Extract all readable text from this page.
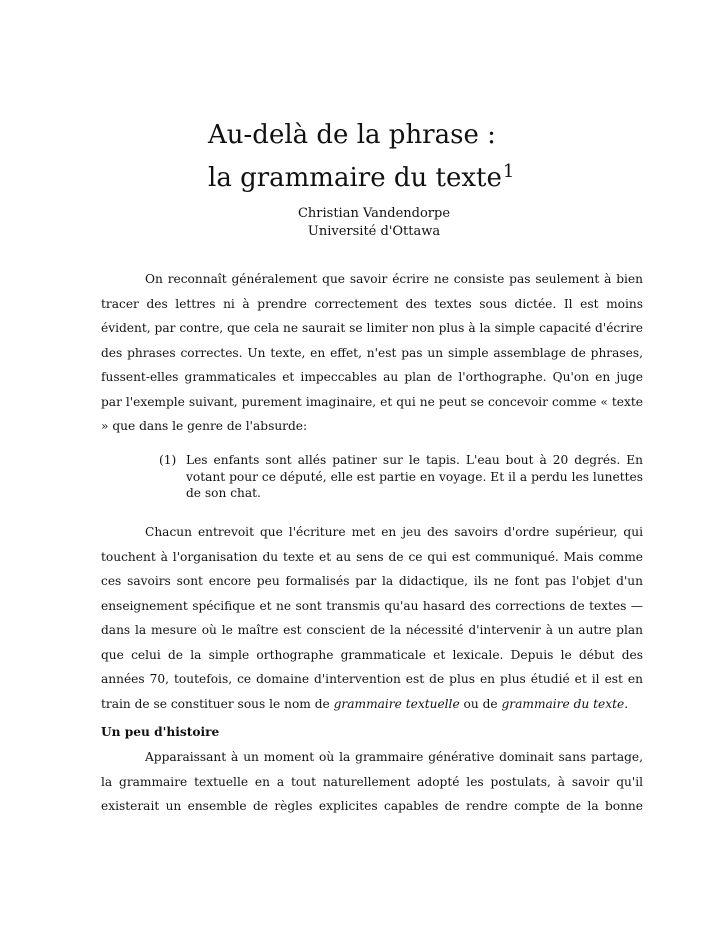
Au-delà de la phrase :
la grammaire du texte$^1$
Christian Vandendorpe
Université d'Ottawa

On reconnaît généralement que savoir écrire ne consiste pas seulement à bien tracer des lettres ni à prendre correctement des textes sous dictée. Il est moins évident, par contre, que cela ne saurait se limiter non plus à la simple capacité d'écrire des phrases correctes. Un texte, en effet, n'est pas un simple assemblage de phrases, fussent-elles grammaticales et impeccables au plan de l'orthographe. Qu'on en juge par l'exemple suivant, purement imaginaire, et qui ne peut se concevoir comme « texte » que dans le genre de l'absurde:

(1) Les enfants sont allés patiner sur le tapis. L'eau bout à 20 degrés. En votant pour ce député, elle est partie en voyage. Et il a perdu les lunettes de son chat.

Chacun entrevoit que l'écriture met en jeu des savoirs d'ordre supérieur, qui touchent à l'organisation du texte et au sens de ce qui est communiqué. Mais comme ces savoirs sont encore peu formalisés par la didactique, ils ne font pas l'objet d'un enseignement spécifique et ne sont transmis qu'au hasard des corrections de textes — dans la mesure où le maître est conscient de la nécessité d'intervenir à un autre plan que celui de la simple orthographe grammaticale et lexicale. Depuis le début des années 70, toutefois, ce domaine d'intervention est de plus en plus étudié et il est en train de se constituer sous le nom de grammaire textuelle ou de grammaire du texte.

Un peu d'histoire

Apparaissant à un moment où la grammaire générative dominait sans partage, la grammaire textuelle en a tout naturellement adopté les postulats, à savoir qu'il existerait un ensemble de règles explicites capables de rendre compte de la bonne
